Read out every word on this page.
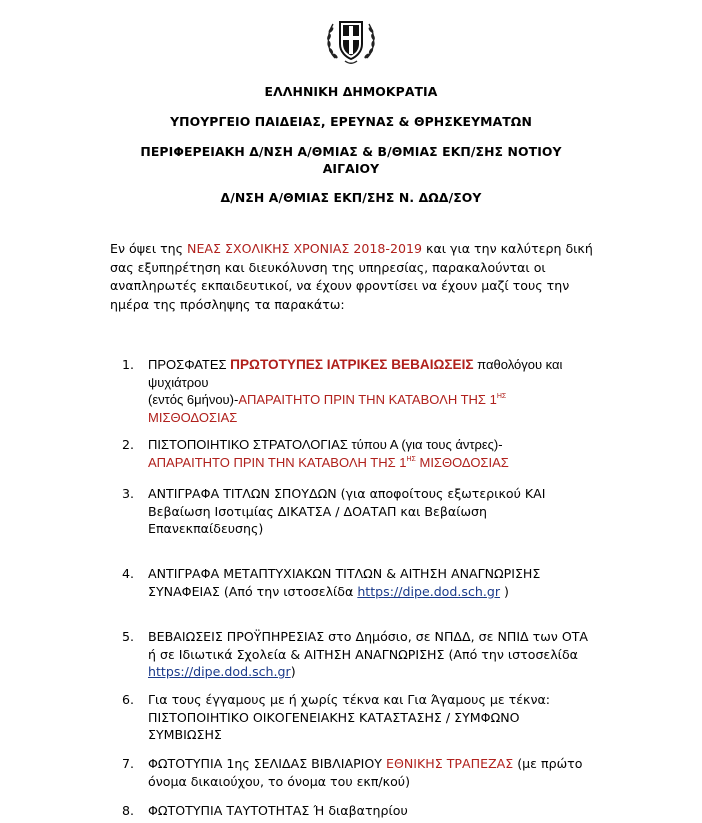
ΕΛΛΗΝΙΚΗ ΔΗΜΟΚΡΑΤΙΑ
ΥΠΟΥΡΓΕΙΟ ΠΑΙΔΕΙΑΣ, ΕΡΕΥΝΑΣ & ΘΡΗΣΚΕΥΜΑΤΩΝ
ΠΕΡΙΦΕΡΕΙΑΚΗ Δ/ΝΣΗ Α/ΘΜΙΑΣ & Β/ΘΜΙΑΣ ΕΚΠ/ΣΗΣ ΝΟΤΙΟΥ
ΑΙΓΑΙΟΥ
Δ/ΝΣΗ Α/ΘΜΙΑΣ ΕΚΠ/ΣΗΣ Ν. ΔΩΔ/ΣΟΥ
Εν όψει της ΝΕΑΣ ΣΧΟΛΙΚΗΣ ΧΡΟΝΙΑΣ 2018-2019 και για την καλύτερη δική σας εξυπηρέτηση και διευκόλυνση της υπηρεσίας, παρακαλούνται οι αναπληρωτές εκπαιδευτικοί, να έχουν φροντίσει να έχουν μαζί τους την ημέρα της πρόσληψης τα παρακάτω:
1.	ΠΡΟΣΦΑΤΕΣ ΠΡΩΤΟΤΥΠΕΣ ΙΑΤΡΙΚΕΣ ΒΕΒΑΙΩΣΕΙΣ παθολόγου και ψυχιάτρου
(εντός 6μήνου)-ΑΠΑΡΑΙΤΗΤΟ ΠΡΙΝ ΤΗΝ ΚΑΤΑΒΟΛΗ ΤΗΣ $1^{H\Sigma}$
ΜΙΣΘΟΔΟΣΙΑΣ
2.	ΠΙΣΤΟΠΟΙΗΤΙΚΟ ΣΤΡΑΤΟΛΟΓΙΑΣ τύπου Α (για τους άντρες)-
ΑΠΑΡΑΙΤΗΤΟ ΠΡΙΝ ΤΗΝ ΚΑΤΑΒΟΛΗ ΤΗΣ $1^{H\Sigma}$ ΜΙΣΘΟΔΟΣΙΑΣ
3.	ΑΝΤΙΓΡΑΦΑ ΤΙΤΛΩΝ ΣΠΟΥΔΩΝ (για αποφοίτους εξωτερικού ΚΑΙ Βεβαίωση Ισοτιμίας ΔΙΚΑΤΣΑ / ΔΟΑΤΑΠ και Βεβαίωση Επανεκπαίδευσης)
4.	ΑΝΤΙΓΡΑΦΑ ΜΕΤΑΠΤΥΧΙΑΚΩΝ ΤΙΤΛΩΝ & ΑΙΤΗΣΗ ΑΝΑΓΝΩΡΙΣΗΣ ΣΥΝΑΦΕΙΑΣ (Από την ιστοσελίδα https://dipe.dod.sch.gr )
5.	ΒΕΒΑΙΩΣΕΙΣ ΠΡΟΫΠΗΡΕΣΙΑΣ στο Δημόσιο, σε ΝΠΔΔ, σε ΝΠΙΔ των ΟΤΑ ή σε Ιδιωτικά Σχολεία & ΑΙΤΗΣΗ ΑΝΑΓΝΩΡΙΣΗΣ (Από την ιστοσελίδα https://dipe.dod.sch.gr)
6.	Για τους έγγαμους με ή χωρίς τέκνα και Για Άγαμους με τέκνα: ΠΙΣΤΟΠΟΙΗΤΙΚΟ ΟΙΚΟΓΕΝΕΙΑΚΗΣ ΚΑΤΑΣΤΑΣΗΣ / ΣΥΜΦΩΝΟ ΣΥΜΒΙΩΣΗΣ
7.	ΦΩΤΟΤΥΠΙΑ 1ης ΣΕΛΙΔΑΣ ΒΙΒΛΙΑΡΙΟΥ ΕΘΝΙΚΗΣ ΤΡΑΠΕΖΑΣ (με πρώτο όνομα δικαιούχου, το όνομα του εκπ/κού)
8.	ΦΩΤΟΤΥΠΙΑ ΤΑΥΤΟΤΗΤΑΣ Ή διαβατηρίου
